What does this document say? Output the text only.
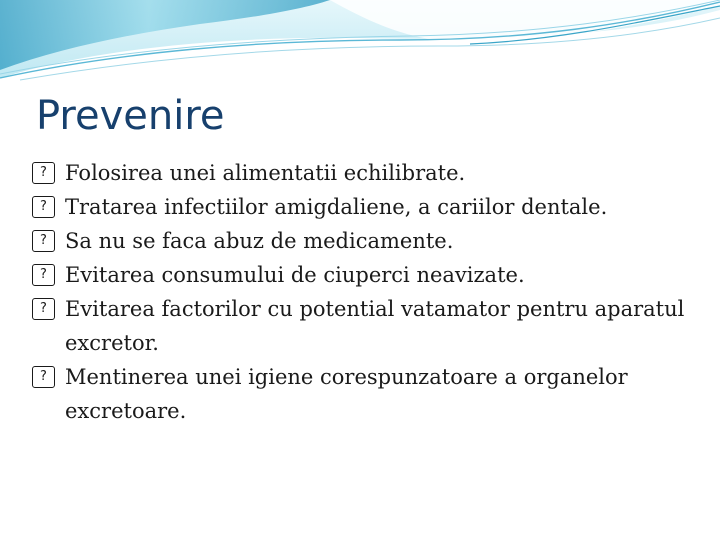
Prevenire
? Folosirea unei alimentatii echilibrate.
? Tratarea infectiilor amigdaliene, a cariilor dentale.
? Sa nu se faca abuz de medicamente.
? Evitarea consumului de ciuperci neavizate.
? Evitarea factorilor cu potential vatamator pentru aparatul excretor.
? Mentinerea unei igiene corespunzatoare a organelor excretoare.
